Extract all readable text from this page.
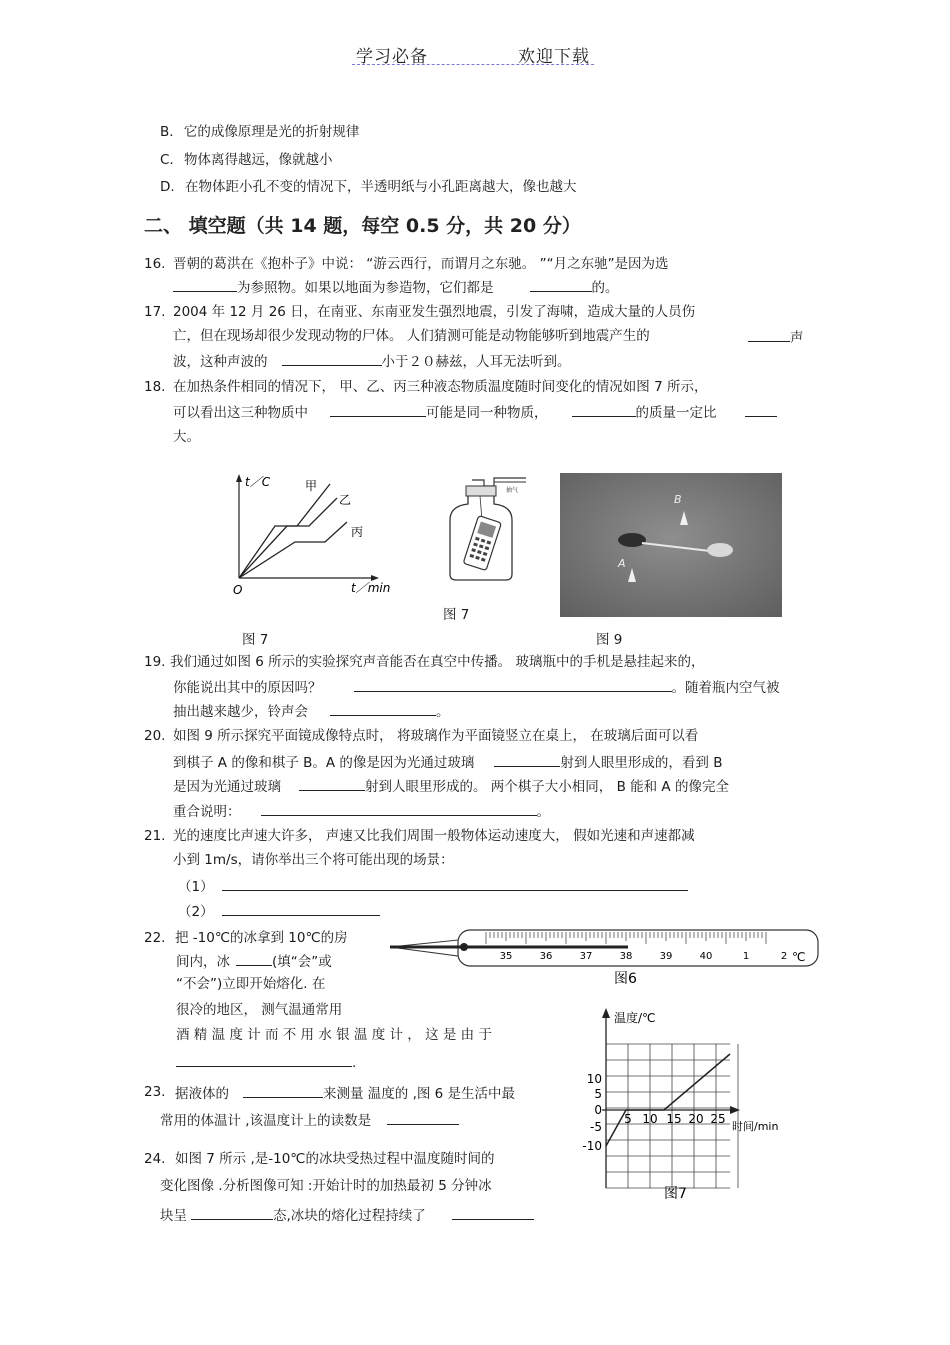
学习必备	欢迎下载
B. 它的成像原理是光的折射规律
C. 物体离得越远，像就越小
D. 在物体距小孔不变的情况下，半透明纸与小孔距离越大，像也越大
二、 填空题（共 14 题，每空 0.5 分，共 20 分）
16. 晋朝的葛洪在《抱朴子》中说： “游云西行，而谓月之东驰。 ”“月之东驰”是因为选
为参照物。如果以地面为参造物，它们都是	的。
17. 2004 年 12 月 26 日，在南亚、东南亚发生强烈地震，引发了海啸，造成大量的人员伤
亡，但在现场却很少发现动物的尸体。 人们猜测可能是动物能够听到地震产生的	声
波，这种声波的	小于２０赫兹，人耳无法听到。
18. 在加热条件相同的情况下， 甲、乙、丙三种液态物质温度随时间变化的情况如图 7 所示，
可以看出这三种物质中	可能是同一种物质，	的质量一定比
大。
t／C	甲
乙
丙
O	t／min
图 7
抽气
图 7
B
A
图 9
19. 我们通过如图 6 所示的实验探究声音能否在真空中传播。 玻璃瓶中的手机是悬挂起来的，
你能说出其中的原因吗？	。随着瓶内空气被
抽出越来越少，铃声会	。
20. 如图 9 所示探究平面镜成像特点时， 将玻璃作为平面镜竖立在桌上， 在玻璃后面可以看
到棋子 A 的像和棋子 B。A 的像是因为光通过玻璃	射到人眼里形成的，看到 B
是因为光通过玻璃	射到人眼里形成的。 两个棋子大小相同， B 能和 A 的像完全
重合说明：	。
21. 光的速度比声速大许多， 声速又比我们周围一般物体运动速度大， 假如光速和声速都减
小到 1m/s，请你举出三个将可能出现的场景：
（1）
（2）
22. 把 -10℃的冰拿到 10℃的房
间内，冰	(填“会”或
“不会”)立即开始熔化. 在
很冷的地区， 测气温通常用
酒 精 温 度 计 而 不 用 水 银 温 度 计 ， 这 是 由 于
.
23. 据液体的	来测量 温度的 ,图 6 是生活中最
常用的体温计 ,该温度计上的读数是
24. 如图 7 所示 ,是-10℃的冰块受热过程中温度随时间的
变化图像 .分析图像可知 :开始计时的加热最初 5 分钟冰
块呈	态,冰块的熔化过程持续了
35	36	37	38	39	40	1	2 ℃
图6
温度/℃
时间/min
10
5
0
-5
-10
5 10 15 20 25
图7
